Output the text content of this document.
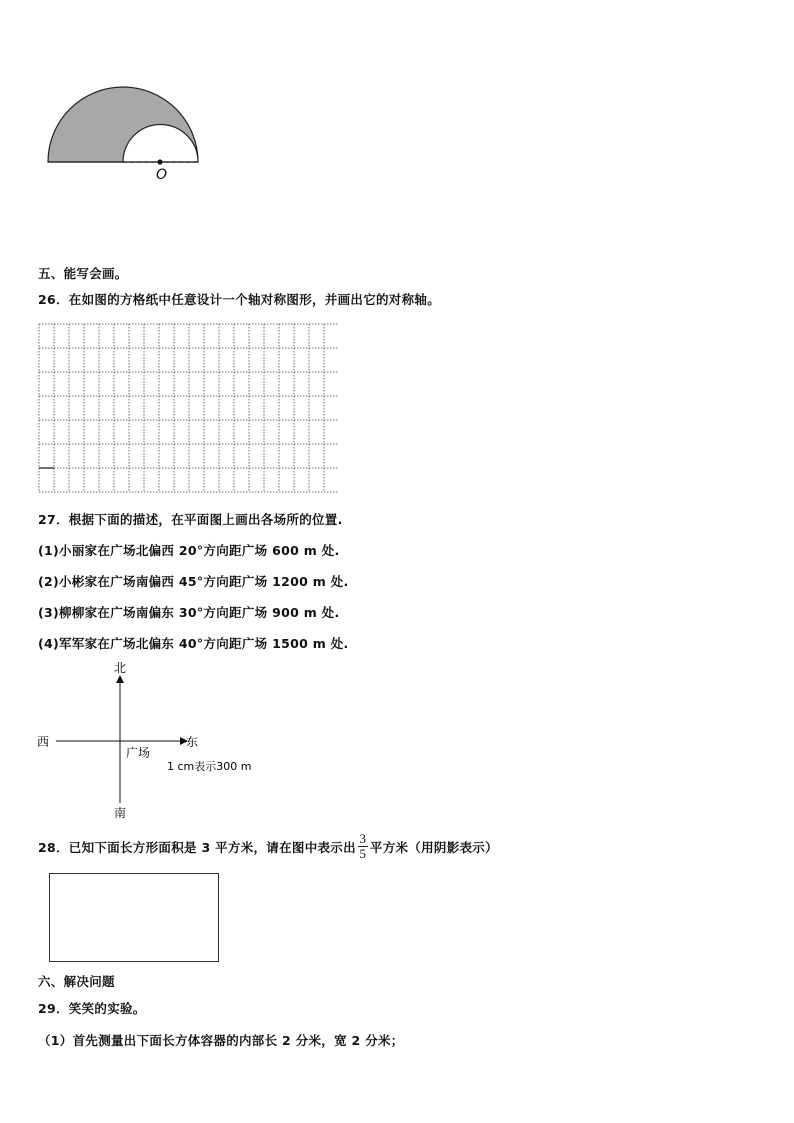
O
五、能写会画。
26．在如图的方格纸中任意设计一个轴对称图形，并画出它的对称轴。
27．根据下面的描述，在平面图上画出各场所的位置.
(1)小丽家在广场北偏西 20°方向距广场 600 m 处.
(2)小彬家在广场南偏西 45°方向距广场 1200 m 处.
(3)柳柳家在广场南偏东 30°方向距广场 900 m 处.
(4)军军家在广场北偏东 40°方向距广场 1500 m 处.
北
南
西	东
广场
1 cm表示300 m
28．已知下面长方形面积是 3 平方米，请在图中表示出 $\frac{3}{5}$ 平方米（用阴影表示）
六、解决问题
29．笑笑的实验。
（1）首先测量出下面长方体容器的内部长 2 分米，宽 2 分米；
